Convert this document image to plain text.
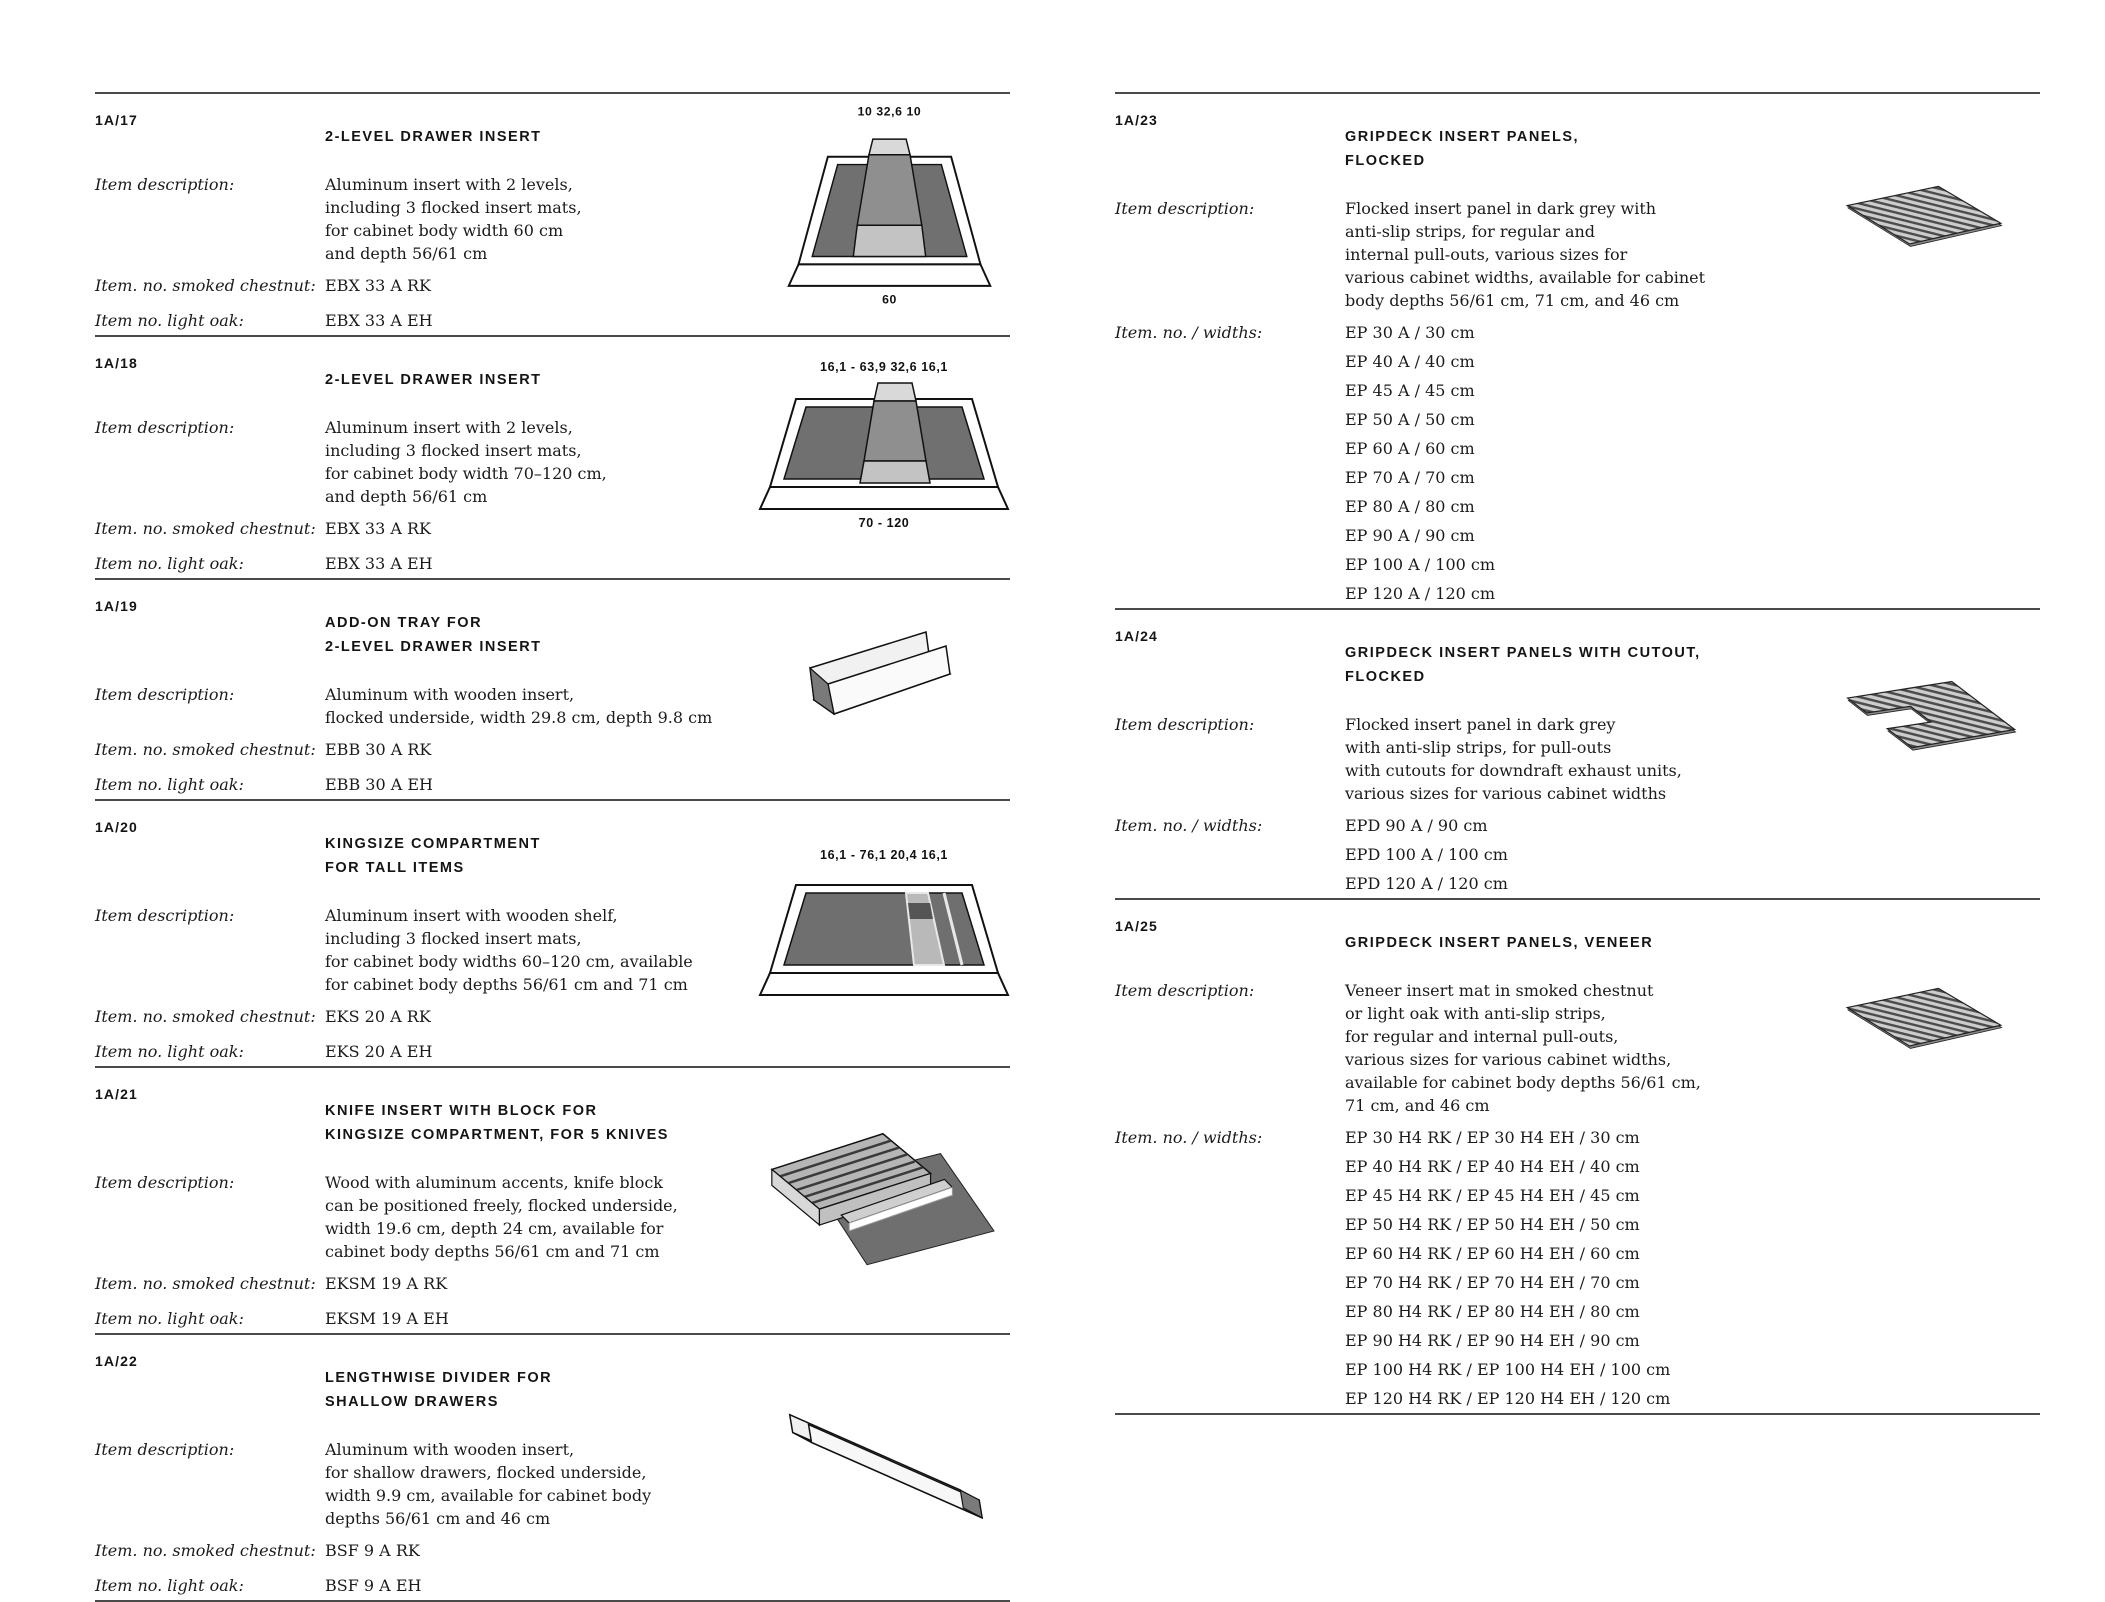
1A/17
2-LEVEL DRAWER INSERT
Item description:	Aluminum insert with 2 levels,
including 3 flocked insert mats,
for cabinet body width 60 cm
and depth 56/61 cm
Item. no. smoked chestnut: EBX 33 A RK
Item no. light oak:	EBX 33 A EH
10 32,6 10
60
1A/18
2-LEVEL DRAWER INSERT
Item description:	Aluminum insert with 2 levels,
including 3 flocked insert mats,
for cabinet body width 70–120 cm,
and depth 56/61 cm
Item. no. smoked chestnut: EBX 33 A RK
Item no. light oak:	EBX 33 A EH
16,1 - 63,9 32,6 16,1
70 - 120
1A/19
ADD-ON TRAY FOR
2-LEVEL DRAWER INSERT
Item description:	Aluminum with wooden insert,
flocked underside, width 29.8 cm, depth 9.8 cm
Item. no. smoked chestnut: EBB 30 A RK
Item no. light oak:	EBB 30 A EH
1A/20
KINGSIZE COMPARTMENT
FOR TALL ITEMS
Item description:	Aluminum insert with wooden shelf,
including 3 flocked insert mats,
for cabinet body widths 60–120 cm, available
for cabinet body depths 56/61 cm and 71 cm
Item. no. smoked chestnut: EKS 20 A RK
Item no. light oak:	EKS 20 A EH
16,1 - 76,1 20,4 16,1
1A/21
KNIFE INSERT WITH BLOCK FOR
KINGSIZE COMPARTMENT, FOR 5 KNIVES
Item description:	Wood with aluminum accents, knife block
can be positioned freely, flocked underside,
width 19.6 cm, depth 24 cm, available for
cabinet body depths 56/61 cm and 71 cm
Item. no. smoked chestnut: EKSM 19 A RK
Item no. light oak:	EKSM 19 A EH
1A/22
LENGTHWISE DIVIDER FOR
SHALLOW DRAWERS
Item description:	Aluminum with wooden insert,
for shallow drawers, flocked underside,
width 9.9 cm, available for cabinet body
depths 56/61 cm and 46 cm
Item. no. smoked chestnut: BSF 9 A RK
Item no. light oak:	BSF 9 A EH
1A/23
GRIPDECK INSERT PANELS,
FLOCKED
Item description:	Flocked insert panel in dark grey with
anti-slip strips, for regular and
internal pull-outs, various sizes for
various cabinet widths, available for cabinet
body depths 56/61 cm, 71 cm, and 46 cm
Item. no. / widths:	EP 30 A / 30 cm
EP 40 A / 40 cm
EP 45 A / 45 cm
EP 50 A / 50 cm
EP 60 A / 60 cm
EP 70 A / 70 cm
EP 80 A / 80 cm
EP 90 A / 90 cm
EP 100 A / 100 cm
EP 120 A / 120 cm
1A/24
GRIPDECK INSERT PANELS WITH CUTOUT,
FLOCKED
Item description:	Flocked insert panel in dark grey
with anti-slip strips, for pull-outs
with cutouts for downdraft exhaust units,
various sizes for various cabinet widths
Item. no. / widths:	EPD 90 A / 90 cm
EPD 100 A / 100 cm
EPD 120 A / 120 cm
1A/25
GRIPDECK INSERT PANELS, VENEER
Item description:	Veneer insert mat in smoked chestnut
or light oak with anti-slip strips,
for regular and internal pull-outs,
various sizes for various cabinet widths,
available for cabinet body depths 56/61 cm,
71 cm, and 46 cm
Item. no. / widths:	EP 30 H4 RK / EP 30 H4 EH / 30 cm
EP 40 H4 RK / EP 40 H4 EH / 40 cm
EP 45 H4 RK / EP 45 H4 EH / 45 cm
EP 50 H4 RK / EP 50 H4 EH / 50 cm
EP 60 H4 RK / EP 60 H4 EH / 60 cm
EP 70 H4 RK / EP 70 H4 EH / 70 cm
EP 80 H4 RK / EP 80 H4 EH / 80 cm
EP 90 H4 RK / EP 90 H4 EH / 90 cm
EP 100 H4 RK / EP 100 H4 EH / 100 cm
EP 120 H4 RK / EP 120 H4 EH / 120 cm
